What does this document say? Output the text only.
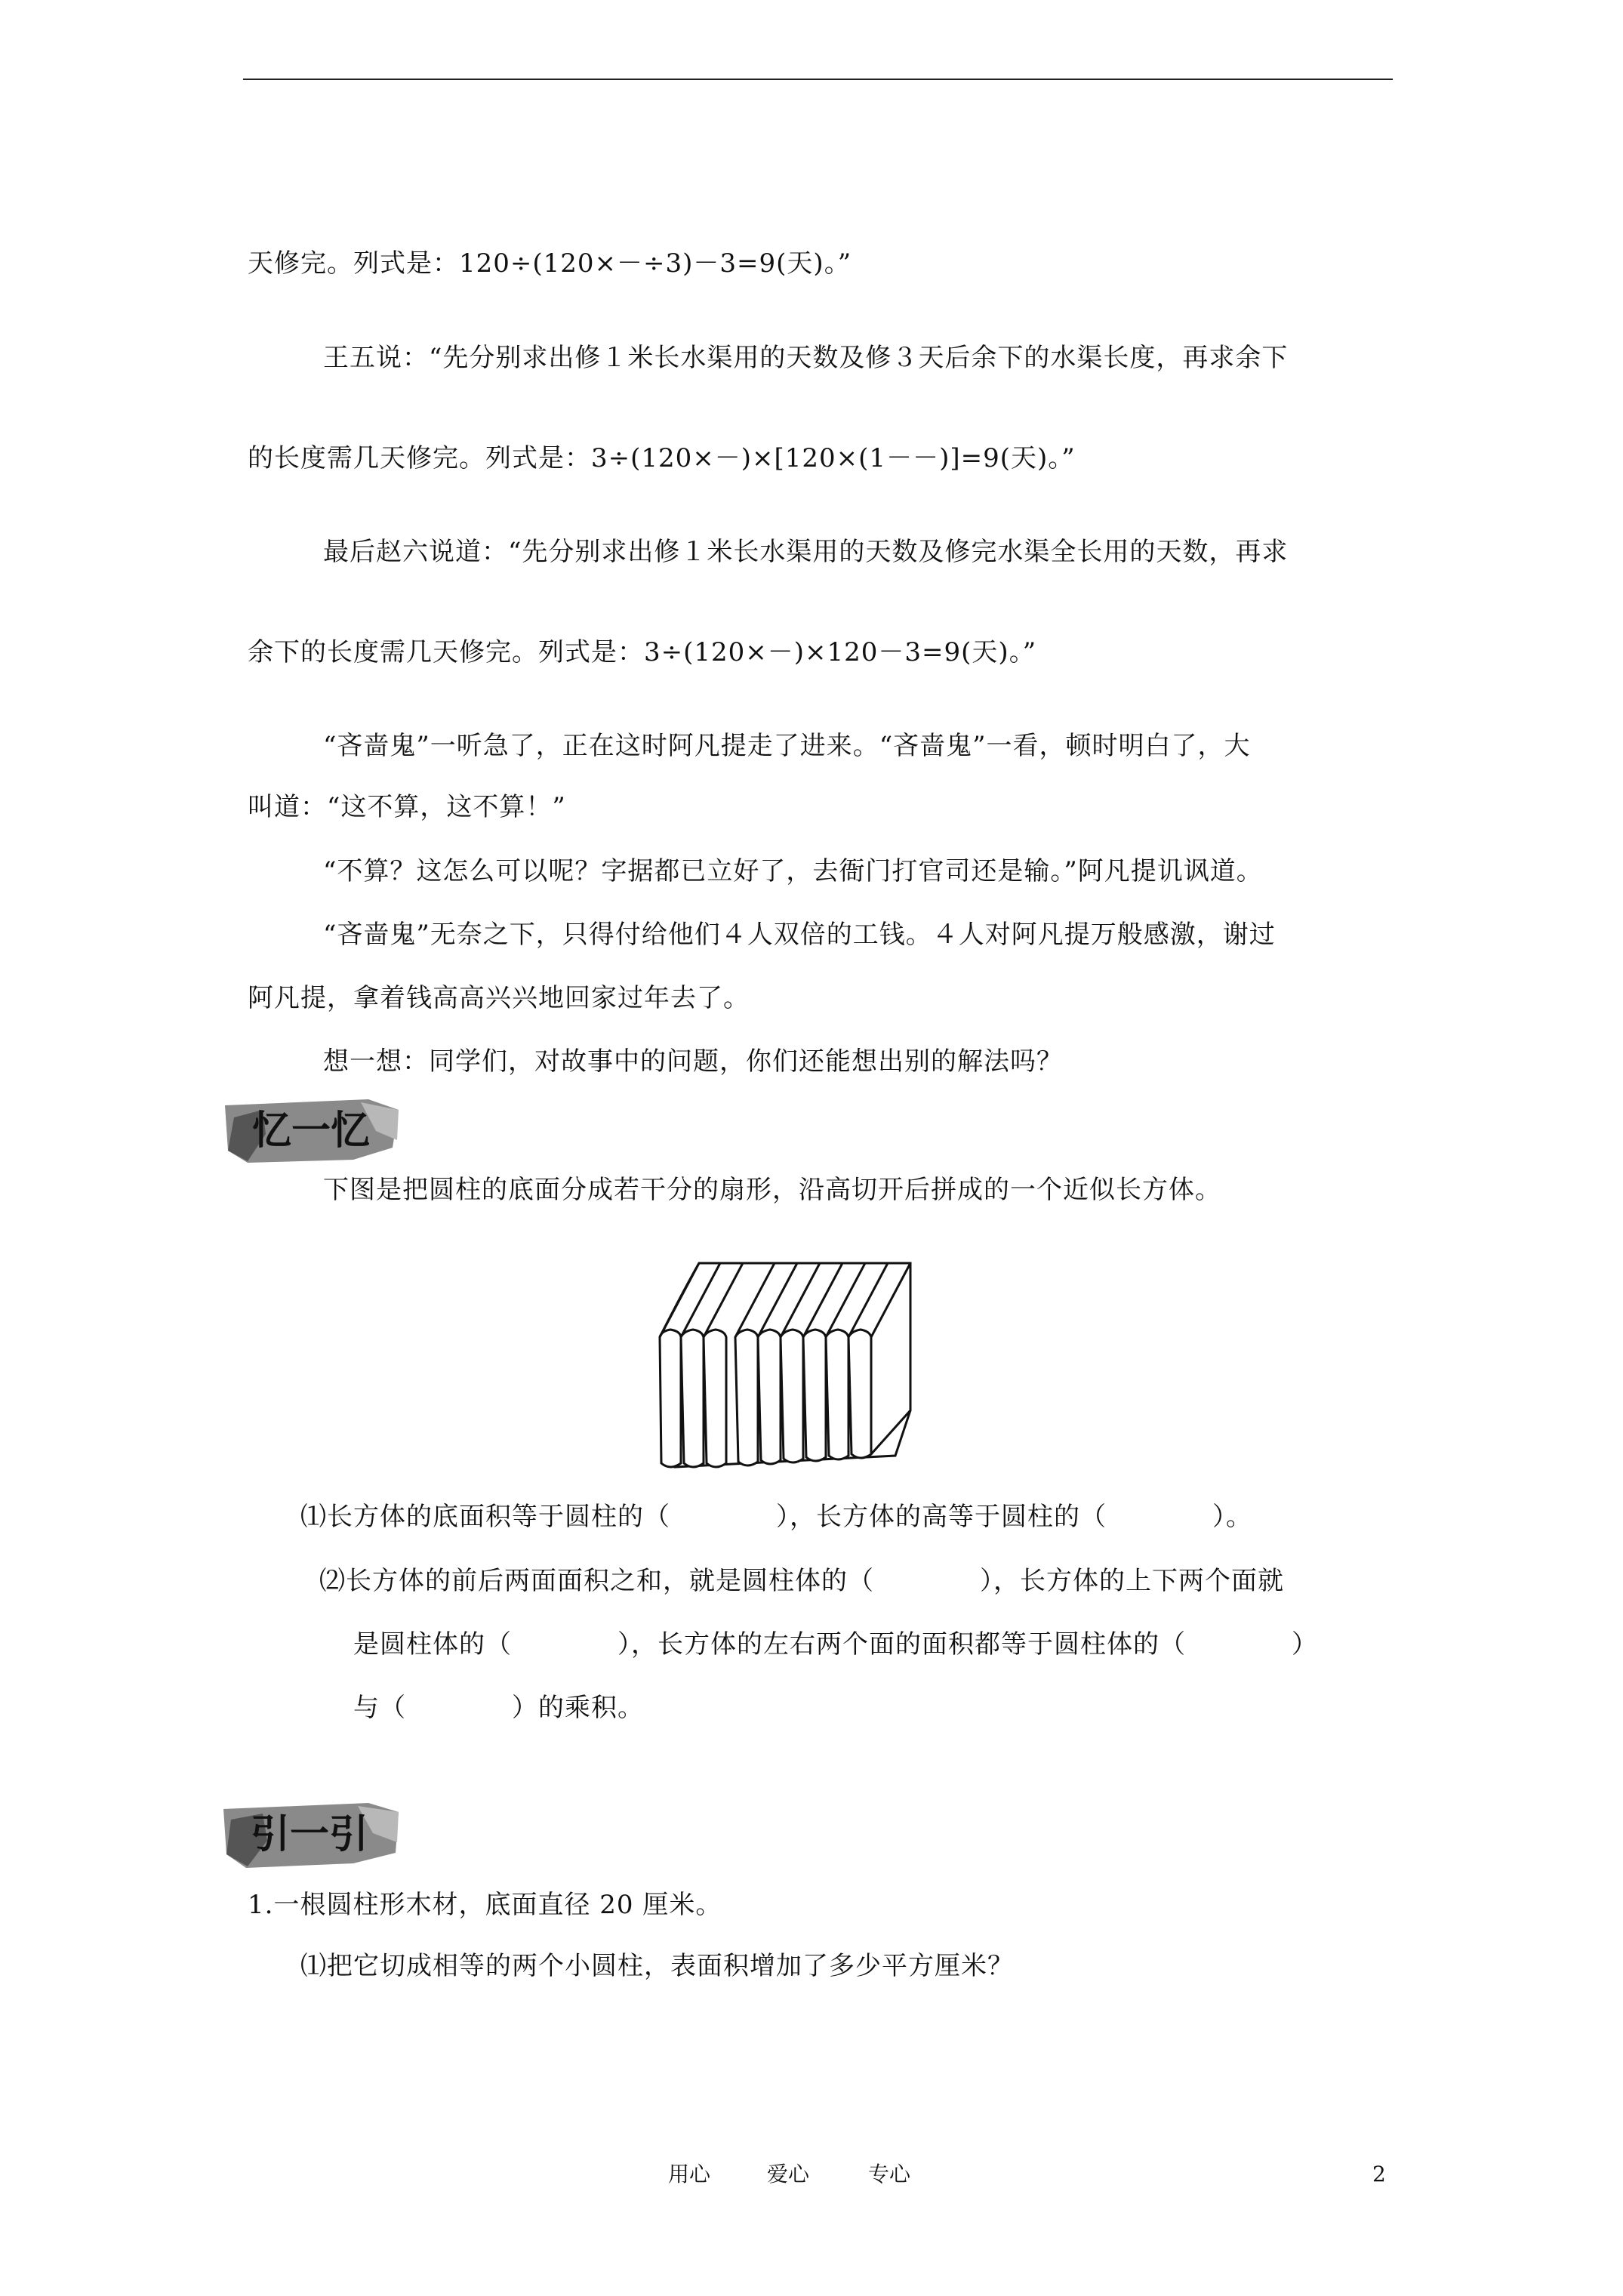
天修完。列式是：120÷(120×－÷3)－3=9(天)。”
王五说：“先分别求出修１米长水渠用的天数及修３天后余下的水渠长度，再求余下
的长度需几天修完。列式是：3÷(120×－)×[120×(1－－)]=9(天)。”
最后赵六说道：“先分别求出修１米长水渠用的天数及修完水渠全长用的天数，再求
余下的长度需几天修完。列式是：3÷(120×－)×120－3=9(天)。”
“吝啬鬼”一听急了，正在这时阿凡提走了进来。“吝啬鬼”一看，顿时明白了，大
叫道：“这不算，这不算！”
“不算？这怎么可以呢？字据都已立好了，去衙门打官司还是输。”阿凡提讥讽道。
“吝啬鬼”无奈之下，只得付给他们４人双倍的工钱。４人对阿凡提万般感激，谢过
阿凡提，拿着钱高高兴兴地回家过年去了。
想一想：同学们，对故事中的问题，你们还能想出别的解法吗？
忆一忆
下图是把圆柱的底面分成若干分的扇形，沿高切开后拼成的一个近似长方体。
⑴长方体的底面积等于圆柱的（　　　　），长方体的高等于圆柱的（　　　　）。
⑵长方体的前后两面面积之和，就是圆柱体的（　　　　），长方体的上下两个面就
是圆柱体的（　　　　），长方体的左右两个面的面积都等于圆柱体的（　　　　）
与（　　　　）的乘积。
引一引
1.一根圆柱形木材，底面直径 20 厘米。
⑴把它切成相等的两个小圆柱，表面积增加了多少平方厘米？
用心	爱心	专心	2
